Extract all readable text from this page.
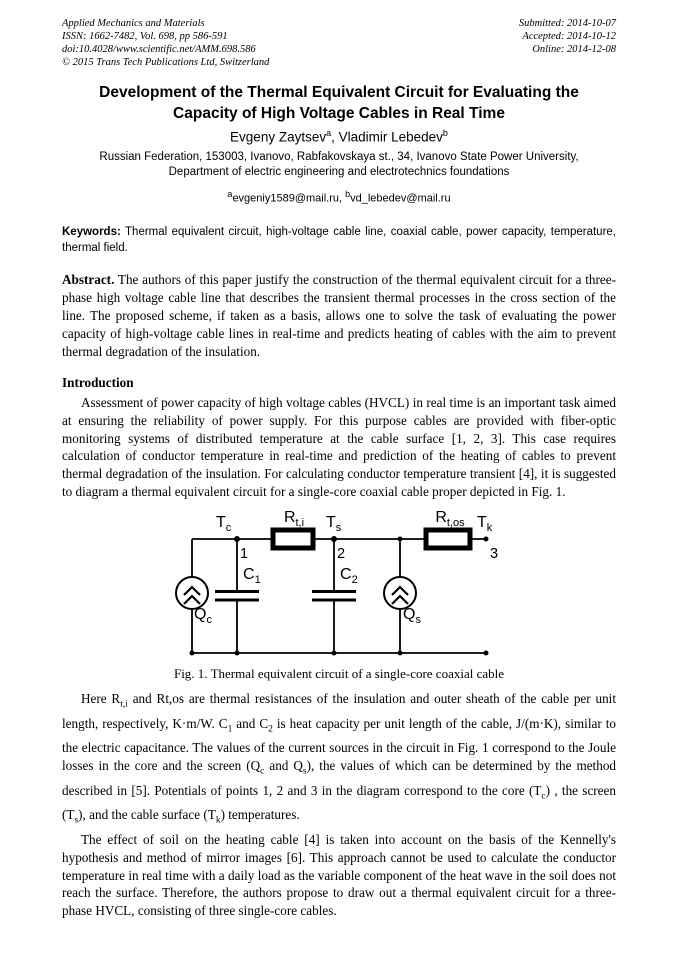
Applied Mechanics and Materials
ISSN: 1662-7482, Vol. 698, pp 586-591
doi:10.4028/www.scientific.net/AMM.698.586
© 2015 Trans Tech Publications Ltd, Switzerland
Submitted: 2014-10-07
Accepted: 2014-10-12
Online: 2014-12-08
Development of the Thermal Equivalent Circuit for Evaluating the
Capacity of High Voltage Cables in Real Time
Evgeny Zaytsev$^a$, Vladimir Lebedev$^b$
Russian Federation, 153003, Ivanovo, Rabfakovskaya st., 34, Ivanovo State Power University,
Department of electric engineering and electrotechnics foundations
$^a$evgeniy1589@mail.ru, $^b$vd_lebedev@mail.ru

Keywords: Thermal equivalent circuit, high-voltage cable line, coaxial cable, power capacity, temperature, thermal field.

Abstract. The authors of this paper justify the construction of the thermal equivalent circuit for a three-phase high voltage cable line that describes the transient thermal processes in the cross section of the line. The proposed scheme, if taken as a basis, allows one to solve the task of evaluating the power capacity of high-voltage cable lines in real-time and predicts heating of cables with the aim to prevent thermal degradation of the insulation.

Introduction

Assessment of power capacity of high voltage cables (HVCL) in real time is an important task aimed at ensuring the reliability of power supply. For this purpose cables are provided with fiber-optic monitoring systems of distributed temperature at the cable surface [1, 2, 3]. This case requires calculation of conductor temperature in real-time and prediction of the heating of cables to prevent thermal degradation of the insulation. For calculating conductor temperature transient [4], it is suggested to diagram a thermal equivalent circuit for a single-core coaxial cable proper depicted in Fig. 1.

$T_c$
$R_{t,i}$	$T_s$
$R_{t,os}$ $T_k$
1	2	3
$C_1$	$C_2$
$Q_c$	$Q_s$
Fig. 1. Thermal equivalent circuit of a single-core coaxial cable

Here $R_{t,i}$ and Rt,os are thermal resistances of the insulation and outer sheath of the cable per unit length, respectively, K·m/W. $C_1$ and $C_2$ is heat capacity per unit length of the cable, J/(m·K), similar to the electric capacitance. The values of the current sources in the circuit in Fig. 1 correspond to the Joule losses in the core and the screen ($Q_c$ and $Q_s$), the values of which can be determined by the method described in [5]. Potentials of points 1, 2 and 3 in the diagram correspond to the core $(T_c)$ , the screen $(T_s)$, and the cable surface $(T_k)$ temperatures.

The effect of soil on the heating cable [4] is taken into account on the basis of the Kennelly's hypothesis and method of mirror images [6]. This approach cannot be used to calculate the conductor temperature in real time with a daily load as the variable component of the heat wave in the soil does not reach the surface. Therefore, the authors propose to draw out a thermal equivalent circuit for a three-phase HVCL, consisting of three single-core cables.
